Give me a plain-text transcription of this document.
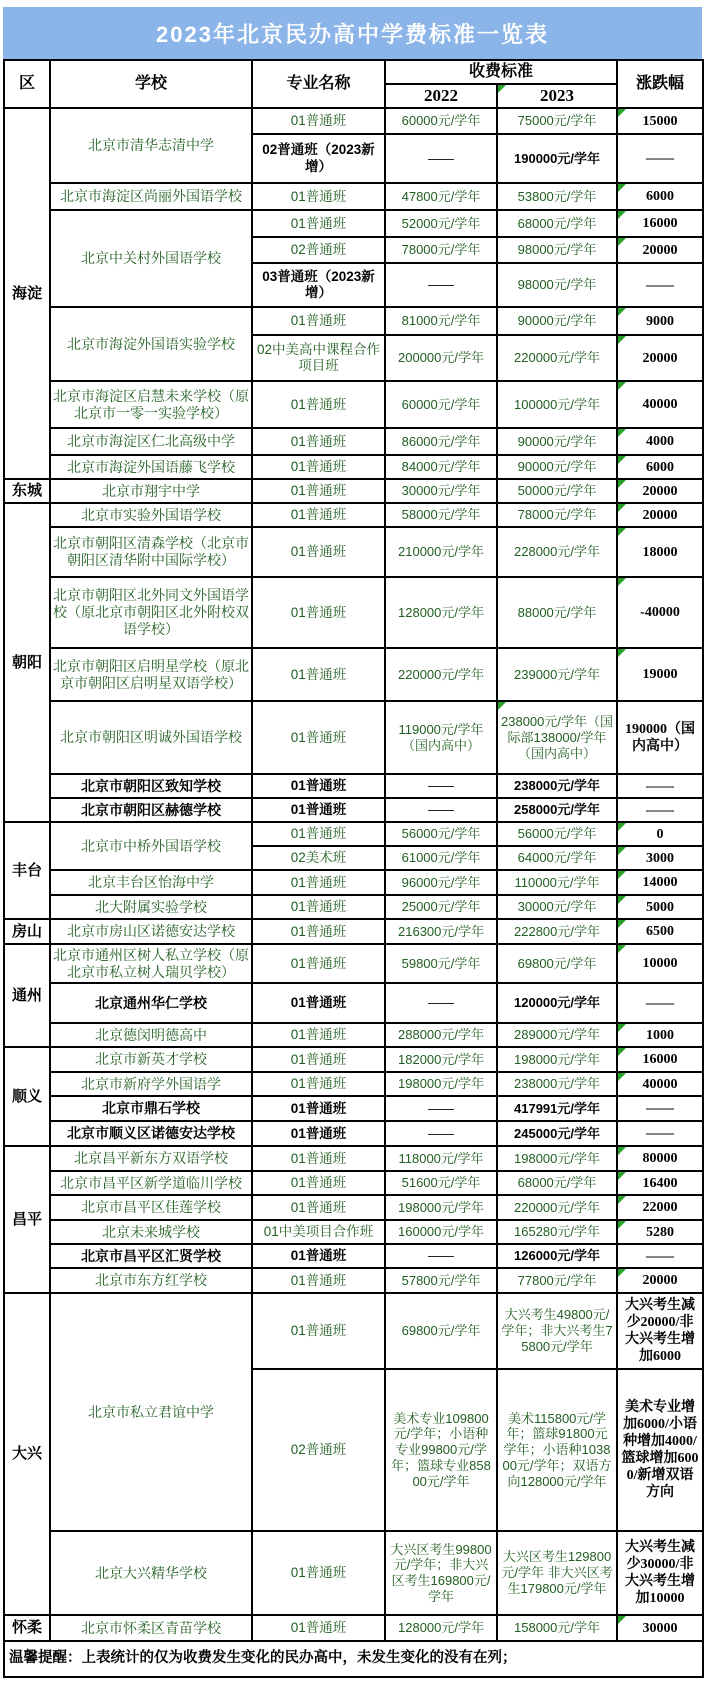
2023年北京民办高中学费标准一览表
区	学校	专业名称	收费标准		涨跌幅
			2022	2023	
海淀	北京市清华志清中学	01普通班	60000元/学年	75000元/学年	15000
		02普通班（2023新增）	——	190000元/学年	——
	北京市海淀区尚丽外国语学校	01普通班	47800元/学年	53800元/学年	6000
	北京中关村外国语学校	01普通班	52000元/学年	68000元/学年	16000
		02普通班	78000元/学年	98000元/学年	20000
		03普通班（2023新增）	——	98000元/学年	——
	北京市海淀外国语实验学校	01普通班	81000元/学年	90000元/学年	9000
		02中美高中课程合作项目班	200000元/学年	220000元/学年	20000
	北京市海淀区启慧未来学校（原北京市一零一实验学校）	01普通班	60000元/学年	100000元/学年	40000
	北京市海淀区仁北高级中学	01普通班	86000元/学年	90000元/学年	4000
	北京市海淀外国语藤飞学校	01普通班	84000元/学年	90000元/学年	6000
东城	北京市翔宇中学	01普通班	30000元/学年	50000元/学年	20000
朝阳	北京市实验外国语学校	01普通班	58000元/学年	78000元/学年	20000
	北京市朝阳区清森学校（北京市朝阳区清华附中国际学校）	01普通班	210000元/学年	228000元/学年	18000
	北京市朝阳区北外同文外国语学校（原北京市朝阳区北外附校双语学校）	01普通班	128000元/学年	88000元/学年	-40000
	北京市朝阳区启明星学校（原北京市朝阳区启明星双语学校）	01普通班	220000元/学年	239000元/学年	19000
	北京市朝阳区明诚外国语学校	01普通班	119000元/学年（国内高中）	238000元/学年（国际部138000/学年（国内高中）	190000（国内高中）
	北京市朝阳区致知学校	01普通班	——	238000元/学年	——
	北京市朝阳区赫德学校	01普通班	——	258000元/学年	——
丰台	北京市中桥外国语学校	01普通班	56000元/学年	56000元/学年	0
		02美术班	61000元/学年	64000元/学年	3000
	北京丰台区怡海中学	01普通班	96000元/学年	110000元/学年	14000
	北大附属实验学校	01普通班	25000元/学年	30000元/学年	5000
房山	北京市房山区诺德安达学校	01普通班	216300元/学年	222800元/学年	6500
通州	北京市通州区树人私立学校（原北京市私立树人瑞贝学校）	01普通班	59800元/学年	69800元/学年	10000
	北京通州华仁学校	01普通班	——	120000元/学年	——
	北京德闵明德高中	01普通班	288000元/学年	289000元/学年	1000
顺义	北京市新英才学校	01普通班	182000元/学年	198000元/学年	16000
	北京市新府学外国语学	01普通班	198000元/学年	238000元/学年	40000
	北京市鼎石学校	01普通班	——	417991元/学年	——
	北京市顺义区诺德安达学校	01普通班	——	245000元/学年	——
昌平	北京昌平新东方双语学校	01普通班	118000元/学年	198000元/学年	80000
	北京市昌平区新学道临川学校	01普通班	51600元/学年	68000元/学年	16400
	北京市昌平区佳莲学校	01普通班	198000元/学年	220000元/学年	22000
	北京未来城学校	01中美项目合作班	160000元/学年	165280元/学年	5280
	北京市昌平区汇贤学校	01普通班	——	126000元/学年	——
	北京市东方红学校	01普通班	57800元/学年	77800元/学年	20000
大兴	北京市私立君谊中学	01普通班	69800元/学年	大兴考生49800元/学年；非大兴考生75800元/学年	大兴考生减少20000/非大兴考生增加6000
		02普通班	美术专业109800元/学年；小语种专业99800元/学年；篮球专业85800元/学年	美术115800元/学年；篮球91800元 学年；小语种103800元/学年；双语方向128000元/学年	美术专业增加6000/小语种增加4000/篮球增加6000/新增双语方向
	北京大兴精华学校	01普通班	大兴区考生99800元/学年；非大兴区考生169800元/学年	大兴区考生129800元/学年 非大兴区考生179800元/学年	大兴考生减少30000/非大兴考生增加10000
怀柔	北京市怀柔区青苗学校	01普通班	128000元/学年	158000元/学年	30000
温馨提醒：上表统计的仅为收费发生变化的民办高中，未发生变化的没有在列；					
